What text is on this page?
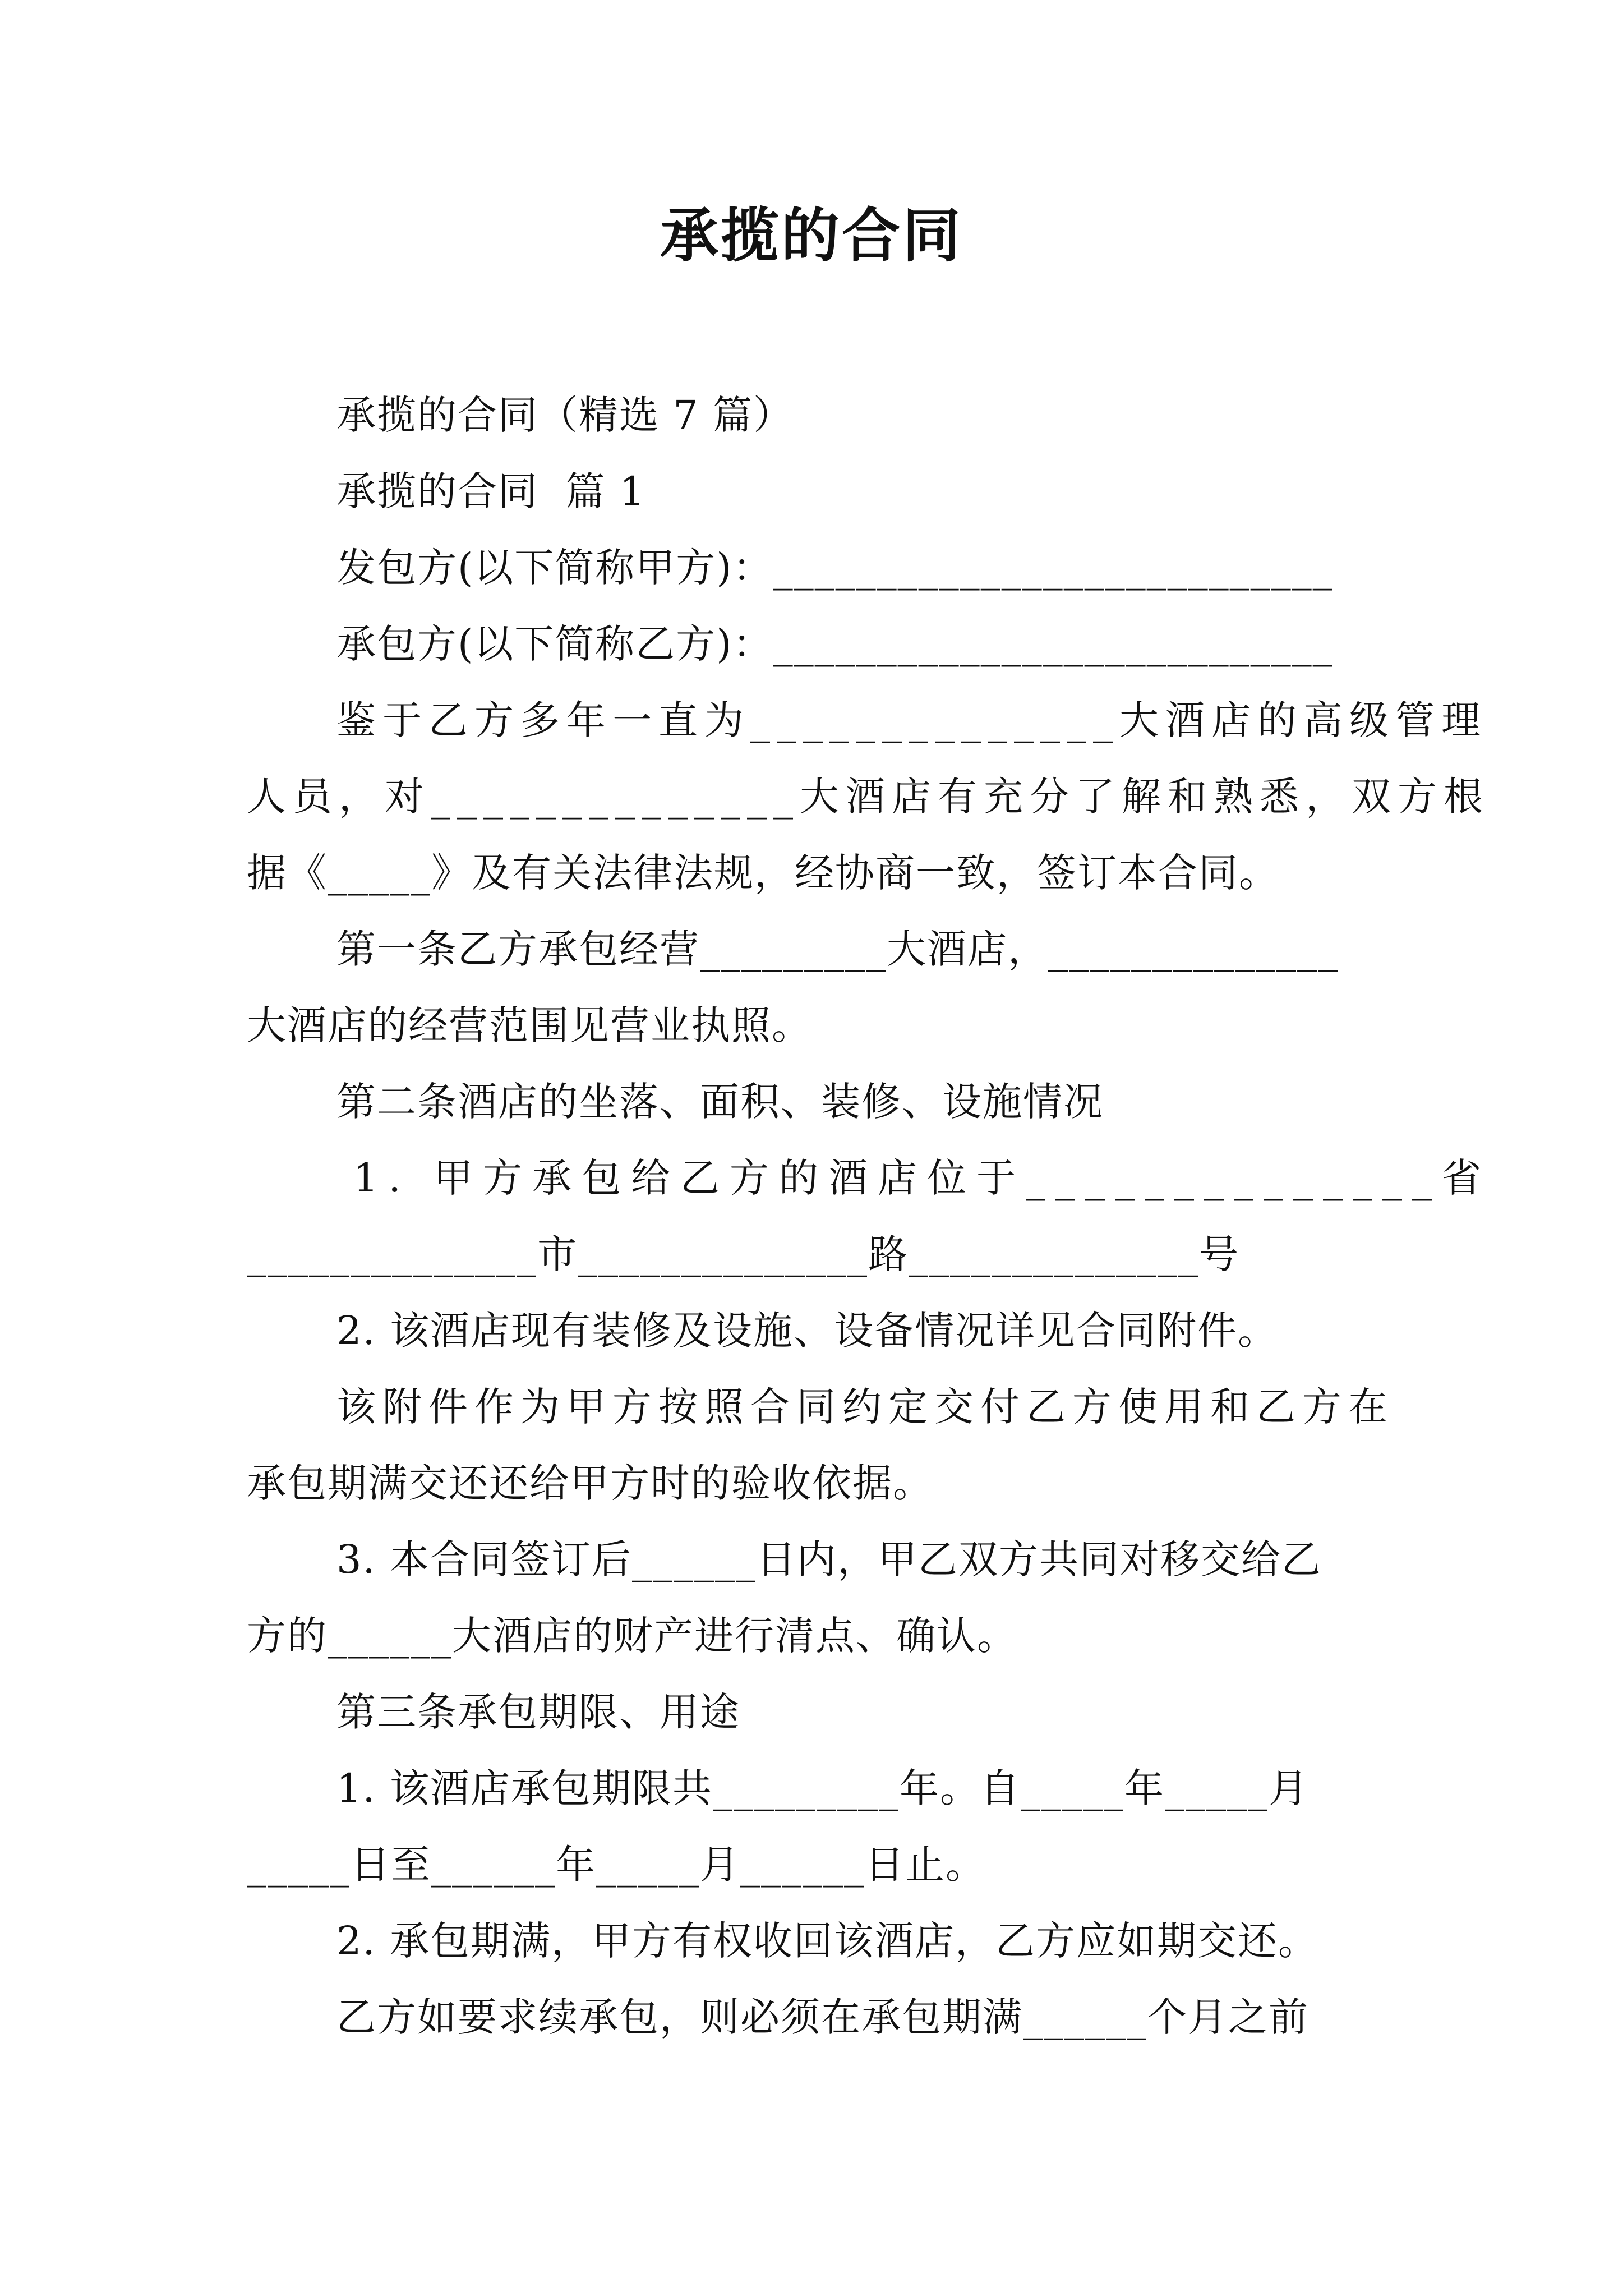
承揽的合同
承揽的合同（精选 7 篇）
承揽的合同  篇 1
发包方(以下简称甲方)：___________________________
承包方(以下简称乙方)：___________________________
鉴于乙方多年一直为______________大酒店的高级管理
人员，对______________大酒店有充分了解和熟悉，双方根
据《_____》及有关法律法规，经协商一致，签订本合同。
第一条乙方承包经营_________大酒店，______________
大酒店的经营范围见营业执照。
第二条酒店的坐落、面积、装修、设施情况
1. 甲方承包给乙方的酒店位于______________省
______________市______________路______________号
2. 该酒店现有装修及设施、设备情况详见合同附件。
该附件作为甲方按照合同约定交付乙方使用和乙方在
承包期满交还还给甲方时的验收依据。
3. 本合同签订后______日内，甲乙双方共同对移交给乙
方的______大酒店的财产进行清点、确认。
第三条承包期限、用途
1. 该酒店承包期限共_________年。自_____年_____月
_____日至______年_____月______日止。
2. 承包期满，甲方有权收回该酒店，乙方应如期交还。
乙方如要求续承包，则必须在承包期满______个月之前
